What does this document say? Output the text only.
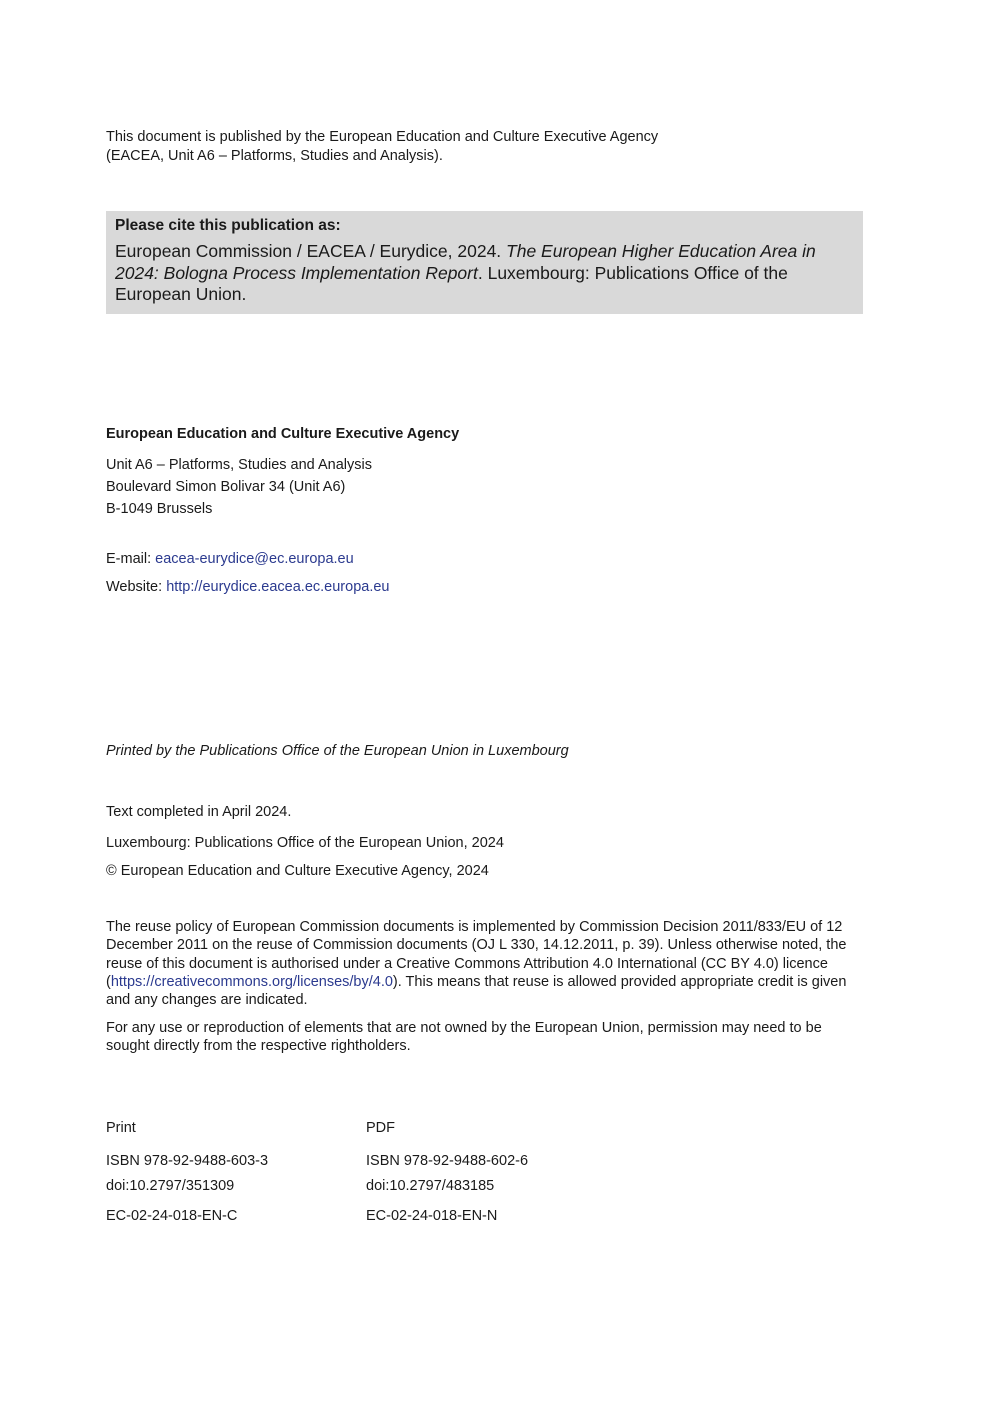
This document is published by the European Education and Culture Executive Agency
(EACEA, Unit A6 – Platforms, Studies and Analysis).

Please cite this publication as:

European Commission / EACEA / Eurydice, 2024. The European Higher Education Area in 2024: Bologna Process Implementation Report. Luxembourg: Publications Office of the European Union.

European Education and Culture Executive Agency
Unit A6 – Platforms, Studies and Analysis
Boulevard Simon Bolivar 34 (Unit A6)
B-1049 Brussels
E-mail: eacea-eurydice@ec.europa.eu
Website: http://eurydice.eacea.ec.europa.eu
Printed by the Publications Office of the European Union in Luxembourg
Text completed in April 2024.
Luxembourg: Publications Office of the European Union, 2024
© European Education and Culture Executive Agency, 2024
The reuse policy of European Commission documents is implemented by Commission Decision 2011/833/EU of 12 December 2011 on the reuse of Commission documents (OJ L 330, 14.12.2011, p. 39). Unless otherwise noted, the reuse of this document is authorised under a Creative Commons Attribution 4.0 International (CC BY 4.0) licence (https://creativecommons.org/licenses/by/4.0). This means that reuse is allowed provided appropriate credit is given and any changes are indicated.
For any use or reproduction of elements that are not owned by the European Union, permission may need to be sought directly from the respective rightholders.
Print	PDF
ISBN 978-92-9488-603-3	ISBN 978-92-9488-602-6
doi:10.2797/351309	doi:10.2797/483185
EC-02-24-018-EN-C	EC-02-24-018-EN-N
